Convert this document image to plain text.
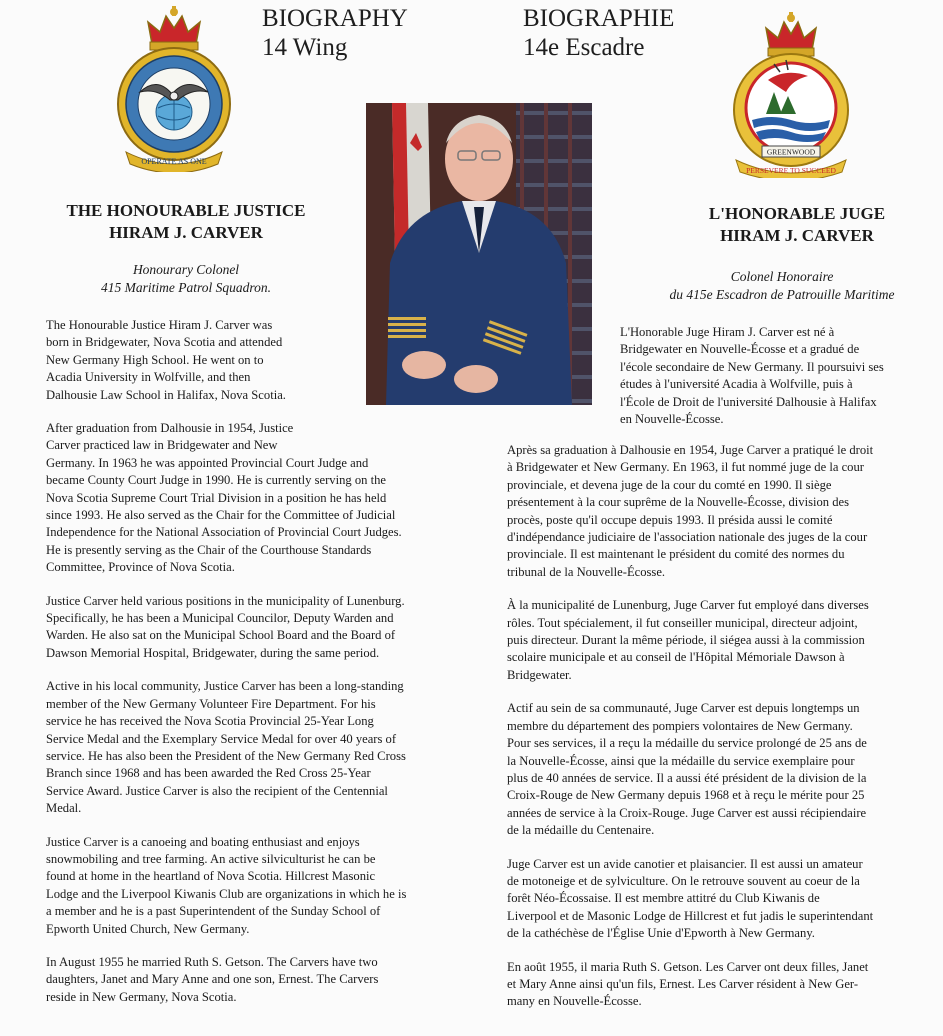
BIOGRAPHY
14 Wing
BIOGRAPHIE
14e Escadre
OPERATE AS ONE
GREENWOOD
PERSEVERE TO SUCCEED
THE HONOURABLE JUSTICE
HIRAM J. CARVER
Honourary Colonel
415 Maritime Patrol Squadron.
L'HONORABLE JUGE
HIRAM J. CARVER
Colonel Honoraire
du 415e Escadron de Patrouille Maritime

The Honourable Justice Hiram J. Carver was
born in Bridgewater, Nova Scotia and attended
New Germany High School. He went on to
Acadia University in Wolfville, and then
Dalhousie Law School in Halifax, Nova Scotia.

After graduation from Dalhousie in 1954, Justice
Carver practiced law in Bridgewater and New
Germany. In 1963 he was appointed Provincial Court Judge and
became County Court Judge in 1990. He is currently serving on the
Nova Scotia Supreme Court Trial Division in a position he has held
since 1993. He also served as the Chair for the Committee of Judicial
Independence for the National Association of Provincial Court Judges.
He is presently serving as the Chair of the Courthouse Standards
Committee, Province of Nova Scotia.

Justice Carver held various positions in the municipality of Lunenburg.
Specifically, he has been a Municipal Councilor, Deputy Warden and
Warden. He also sat on the Municipal School Board and the Board of
Dawson Memorial Hospital, Bridgewater, during the same period.

Active in his local community, Justice Carver has been a long-standing
member of the New Germany Volunteer Fire Department. For his
service he has received the Nova Scotia Provincial 25-Year Long
Service Medal and the Exemplary Service Medal for over 40 years of
service. He has also been the President of the New Germany Red Cross
Branch since 1968 and has been awarded the Red Cross 25-Year
Service Award. Justice Carver is also the recipient of the Centennial
Medal.

Justice Carver is a canoeing and boating enthusiast and enjoys
snowmobiling and tree farming. An active silviculturist he can be
found at home in the heartland of Nova Scotia. Hillcrest Masonic
Lodge and the Liverpool Kiwanis Club are organizations in which he is
a member and he is a past Superintendent of the Sunday School of
Epworth United Church, New Germany.

In August 1955 he married Ruth S. Getson. The Carvers have two
daughters, Janet and Mary Anne and one son, Ernest. The Carvers
reside in New Germany, Nova Scotia.

L'Honorable Juge Hiram J. Carver est né à
Bridgewater en Nouvelle-Écosse et a gradué de
l'école secondaire de New Germany. Il poursuivi ses
études à l'université Acadia à Wolfville, puis à
l'École de Droit de l'université Dalhousie à Halifax
en Nouvelle-Écosse.

Après sa graduation à Dalhousie en 1954, Juge Carver a pratiqué le droit
à Bridgewater et New Germany. En 1963, il fut nommé juge de la cour
provinciale, et devena juge de la cour du comté en 1990. Il siège
présentement à la cour suprême de la Nouvelle-Écosse, division des
procès, poste qu'il occupe depuis 1993. Il présida aussi le comité
d'indépendance judiciaire de l'association nationale des juges de la cour
provinciale. Il est maintenant le président du comité des normes du
tribunal de la Nouvelle-Écosse.

À la municipalité de Lunenburg, Juge Carver fut employé dans diverses
rôles. Tout spécialement, il fut conseiller municipal, directeur adjoint,
puis directeur. Durant la même période, il siégea aussi à la commission
scolaire municipale et au conseil de l'Hôpital Mémoriale Dawson à
Bridgewater.

Actif au sein de sa communauté, Juge Carver est depuis longtemps un
membre du département des pompiers volontaires de New Germany.
Pour ses services, il a reçu la médaille du service prolongé de 25 ans de
la Nouvelle-Écosse, ainsi que la médaille du service exemplaire pour
plus de 40 années de service. Il a aussi été président de la division de la
Croix-Rouge de New Germany depuis 1968 et à reçu le mérite pour 25
années de service à la Croix-Rouge. Juge Carver est aussi récipiendaire
de la médaille du Centenaire.

Juge Carver est un avide canotier et plaisancier. Il est aussi un amateur
de motoneige et de sylviculture. On le retrouve souvent au coeur de la
forêt Néo-Écossaise. Il est membre attitré du Club Kiwanis de
Liverpool et de Masonic Lodge de Hillcrest et fut jadis le superintendant
de la cathéchèse de l'Église Unie d'Epworth à New Germany.

En août 1955, il maria Ruth S. Getson. Les Carver ont deux filles, Janet
et Mary Anne ainsi qu'un fils, Ernest. Les Carver résident à New Ger-
many en Nouvelle-Écosse.
